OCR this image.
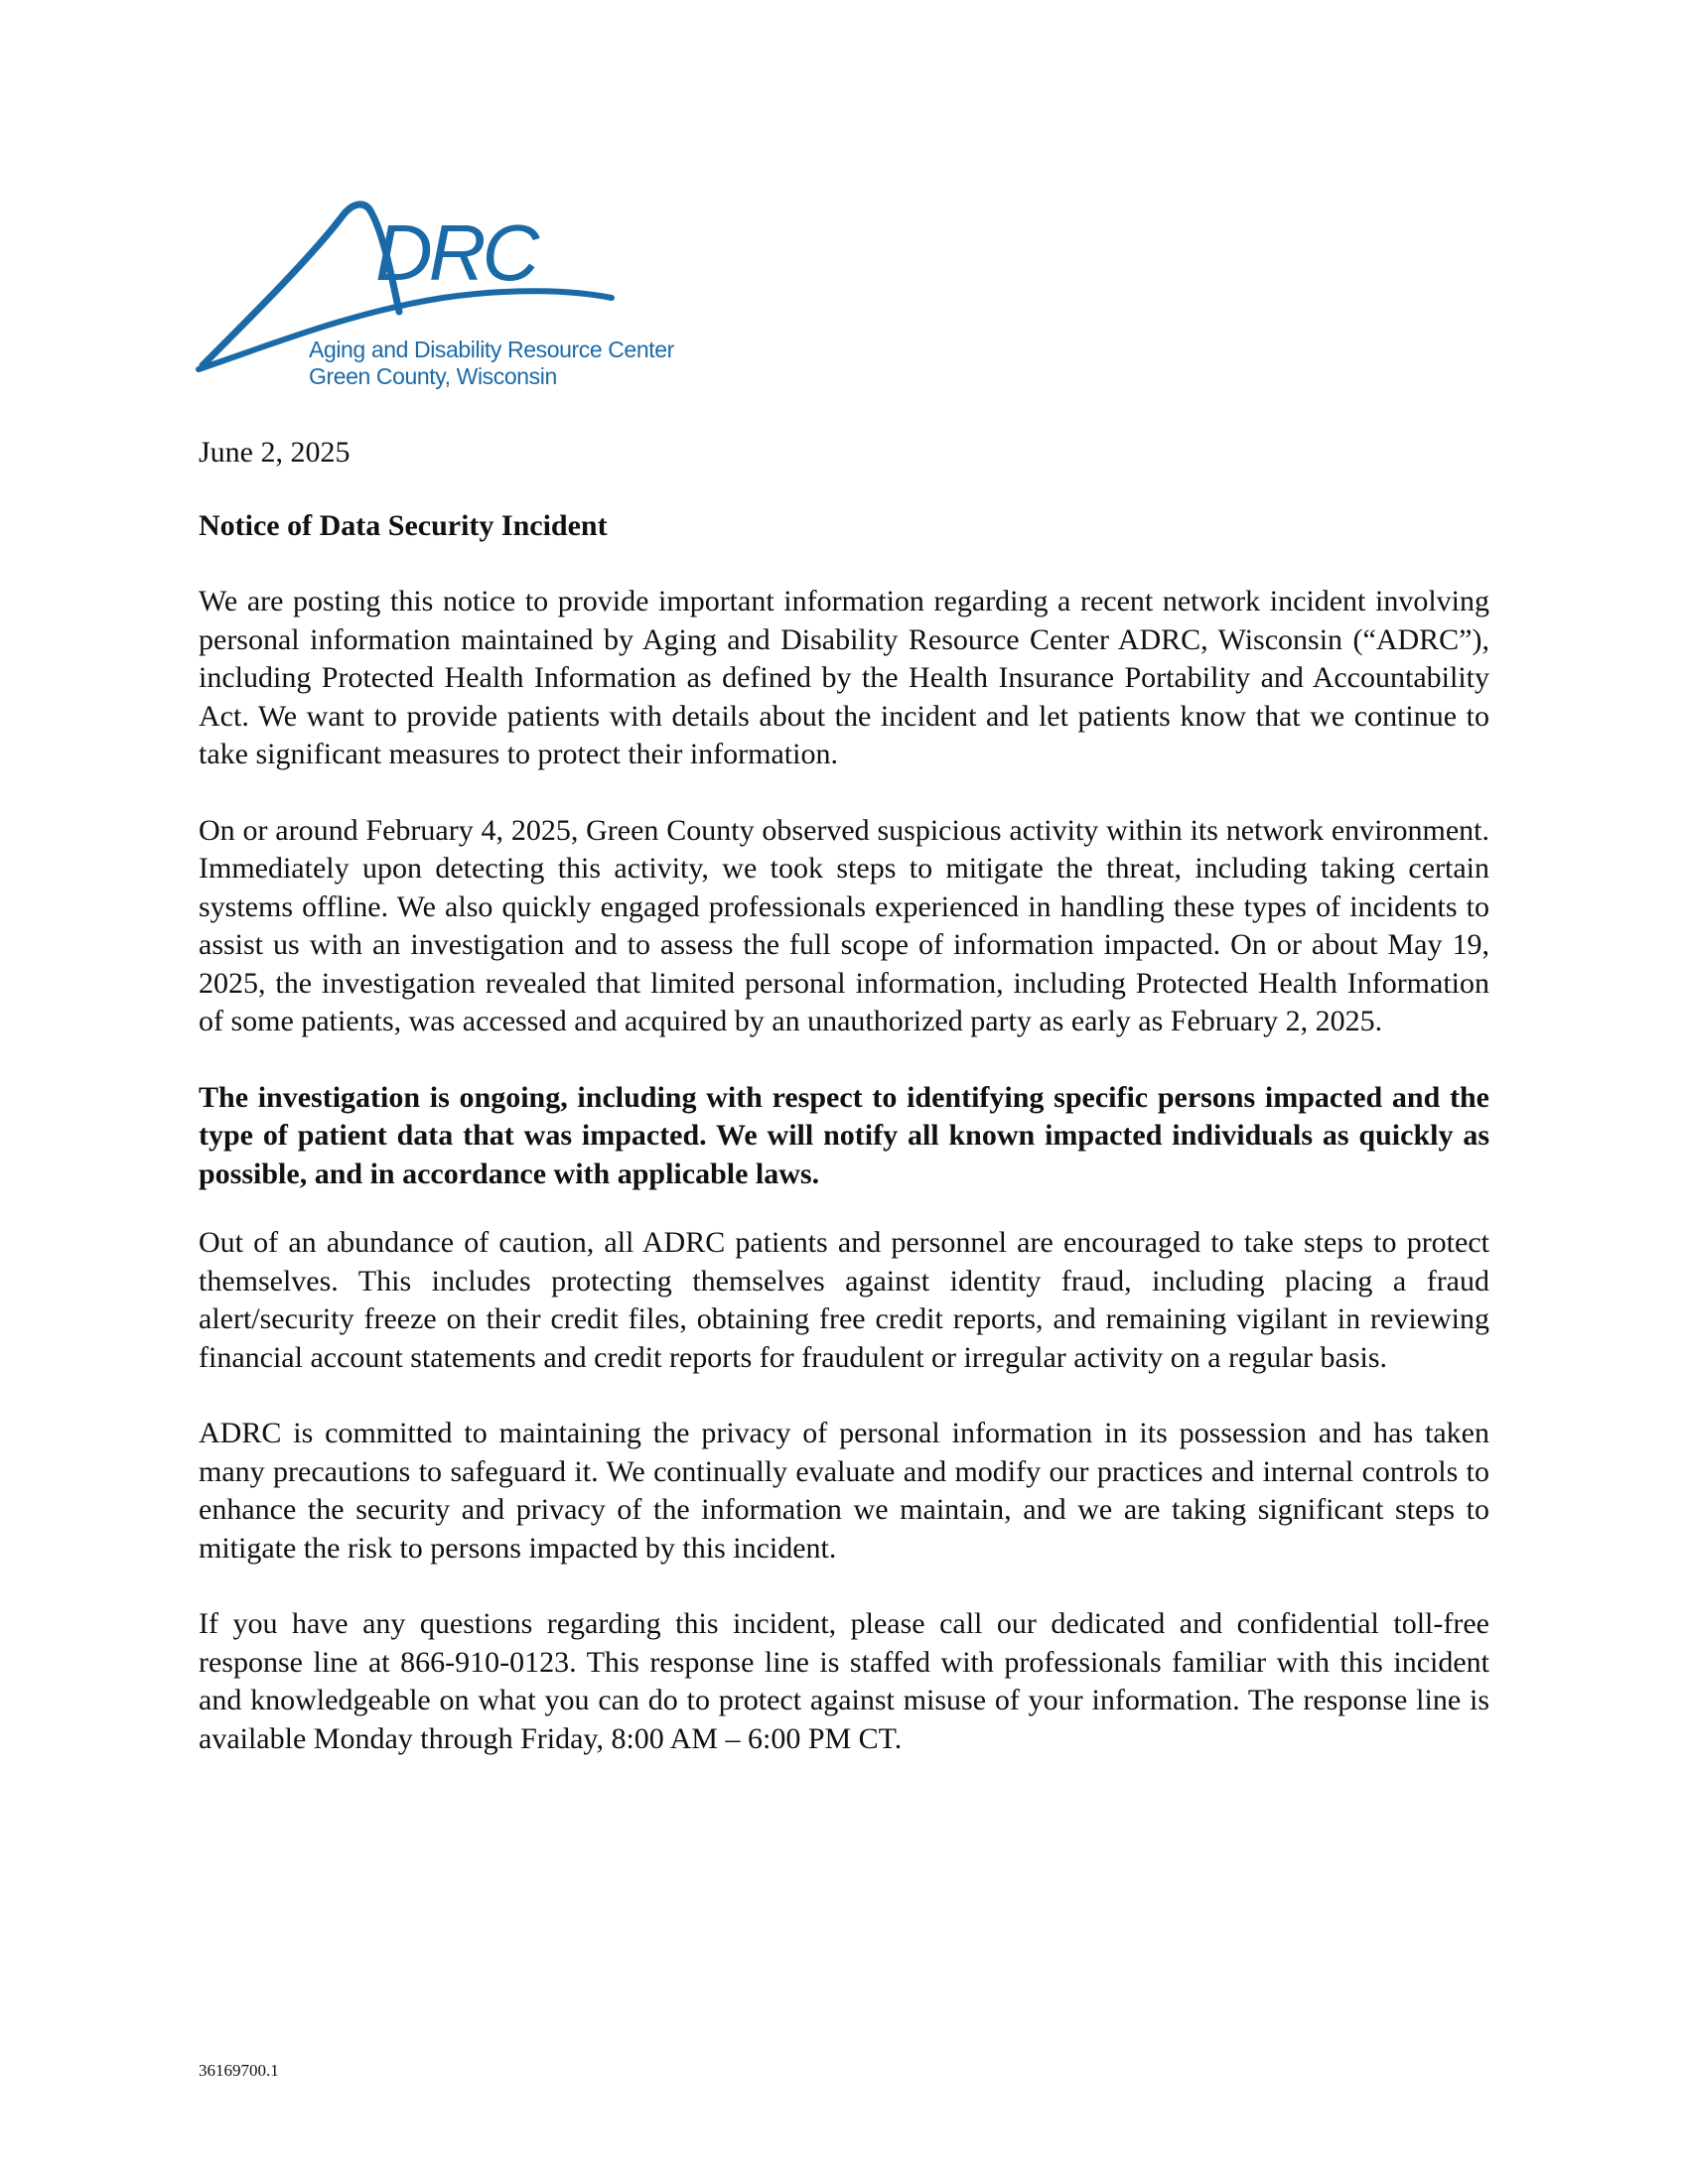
DRC
Aging and Disability Resource Center
Green County, Wisconsin

June 2, 2025

Notice of Data Security Incident

We are posting this notice to provide important information regarding a recent network incident involving personal information maintained by Aging and Disability Resource Center ADRC, Wisconsin (“ADRC”), including Protected Health Information as defined by the Health Insurance Portability and Accountability Act. We want to provide patients with details about the incident and let patients know that we continue to take significant measures to protect their information.

On or around February 4, 2025, Green County observed suspicious activity within its network environment. Immediately upon detecting this activity, we took steps to mitigate the threat, including taking certain systems offline. We also quickly engaged professionals experienced in handling these types of incidents to assist us with an investigation and to assess the full scope of information impacted. On or about May 19, 2025, the investigation revealed that limited personal information, including Protected Health Information of some patients, was accessed and acquired by an unauthorized party as early as February 2, 2025.

The investigation is ongoing, including with respect to identifying specific persons impacted and the type of patient data that was impacted. We will notify all known impacted individuals as quickly as possible, and in accordance with applicable laws.

Out of an abundance of caution, all ADRC patients and personnel are encouraged to take steps to protect themselves. This includes protecting themselves against identity fraud, including placing a fraud alert/security freeze on their credit files, obtaining free credit reports, and remaining vigilant in reviewing financial account statements and credit reports for fraudulent or irregular activity on a regular basis.

ADRC is committed to maintaining the privacy of personal information in its possession and has taken many precautions to safeguard it. We continually evaluate and modify our practices and internal controls to enhance the security and privacy of the information we maintain, and we are taking significant steps to mitigate the risk to persons impacted by this incident.

If you have any questions regarding this incident, please call our dedicated and confidential toll-free response line at 866-910-0123. This response line is staffed with professionals familiar with this incident and knowledgeable on what you can do to protect against misuse of your information. The response line is available Monday through Friday, 8:00 AM – 6:00 PM CT.

36169700.1
